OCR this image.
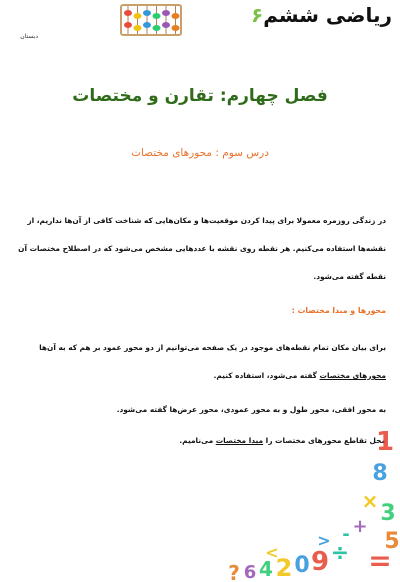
ریاضی ششم۶
دبستان
فصل چهارم: تقارن و مختصات
درس سوم : محورهای مختصات
در زندگی روزمره معمولا برای پیدا کردن موقعیت‌ها و مکان‌هایی که شناخت کافی از آن‌ها نداریم، از نقشه‌ها استفاده می‌کنیم. هر نقطه روی نقشه با عددهایی مشخص می‌شود که در اصطلاح مختصات آن نقطه گفته می‌شود.
محورها و مبدا مختصات :
برای بیان مکان تمام نقطه‌های موجود در یک صفحه می‌توانیم از دو محور عمود بر هم که به آن‌ها محورهای مختصات گفته می‌شود، استفاده کنیم.
به محور افقی، محور طول و به محور عمودی، محور عرض‌ها گفته می‌شود.
محل تقاطع محورهای مختصات را مبدا مختصات می‌نامیم.	1
8
× 3
+
5
÷
9
0
2
4
6
?
-
=
>
<
